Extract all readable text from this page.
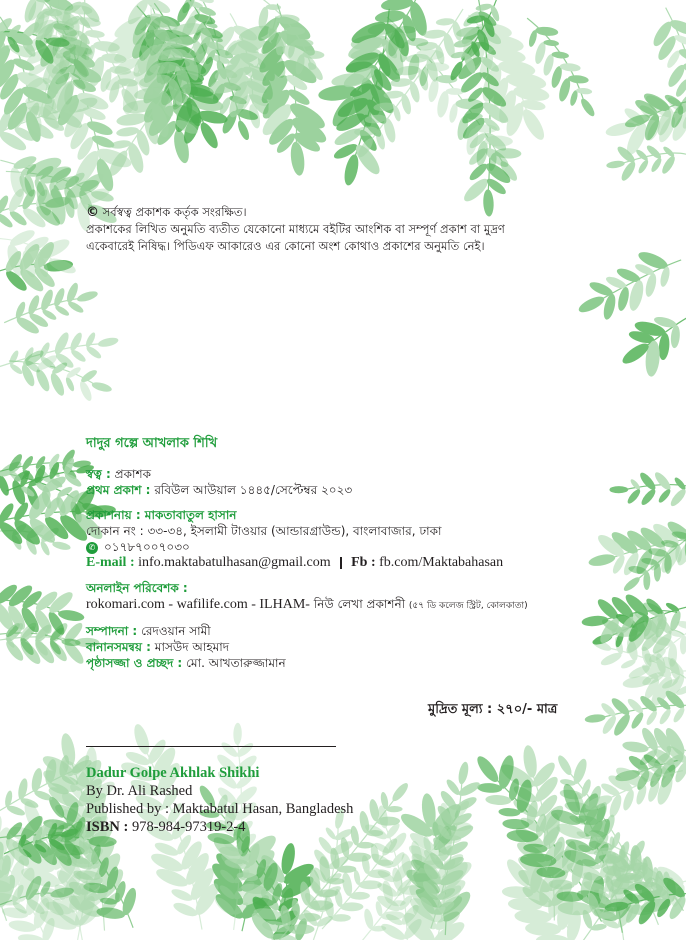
© সর্বস্বত্ব প্রকাশক কর্তৃক সংরক্ষিত।

প্রকাশকের লিখিত অনুমতি ব্যতীত যেকোনো মাধ্যমে বইটির আংশিক বা সম্পূর্ণ প্রকাশ বা মুদ্রণ একেবারেই নিষিদ্ধ। পিডিএফ আকারেও এর কোনো অংশ কোথাও প্রকাশের অনুমতি নেই।

দাদুর গল্পে আখলাক শিখি
স্বত্ব : প্রকাশক
প্রথম প্রকাশ : রবিউল আউয়াল ১৪৪৫/সেপ্টেম্বর ২০২৩
প্রকাশনায় : মাকতাবাতুল হাসান
দোকান নং : ৩৩-৩৪, ইসলামী টাওয়ার (আন্ডারগ্রাউন্ড), বাংলাবাজার, ঢাকা
✆ ০১৭৮৭০০৭০৩০
E-mail : info.maktabatulhasan@gmail.com Fb : fb.com/Maktabahasan
অনলাইন পরিবেশক :
rokomari.com - wafilife.com - ILHAM- নিউ লেখা প্রকাশনী (৫৭ ডি কলেজ স্ট্রিট, কোলকাতা)
সম্পাদনা : রেদওয়ান সামী
বানানসমন্বয় : মাসউদ আহমাদ
পৃষ্ঠাসজ্জা ও প্রচ্ছদ : মো. আখতারুজ্জামান
মুদ্রিত মূল্য : ২৭০/- মাত্র
Dadur Golpe Akhlak Shikhi
By Dr. Ali Rashed
Published by : Maktabatul Hasan, Bangladesh
ISBN : 978-984-97319-2-4
